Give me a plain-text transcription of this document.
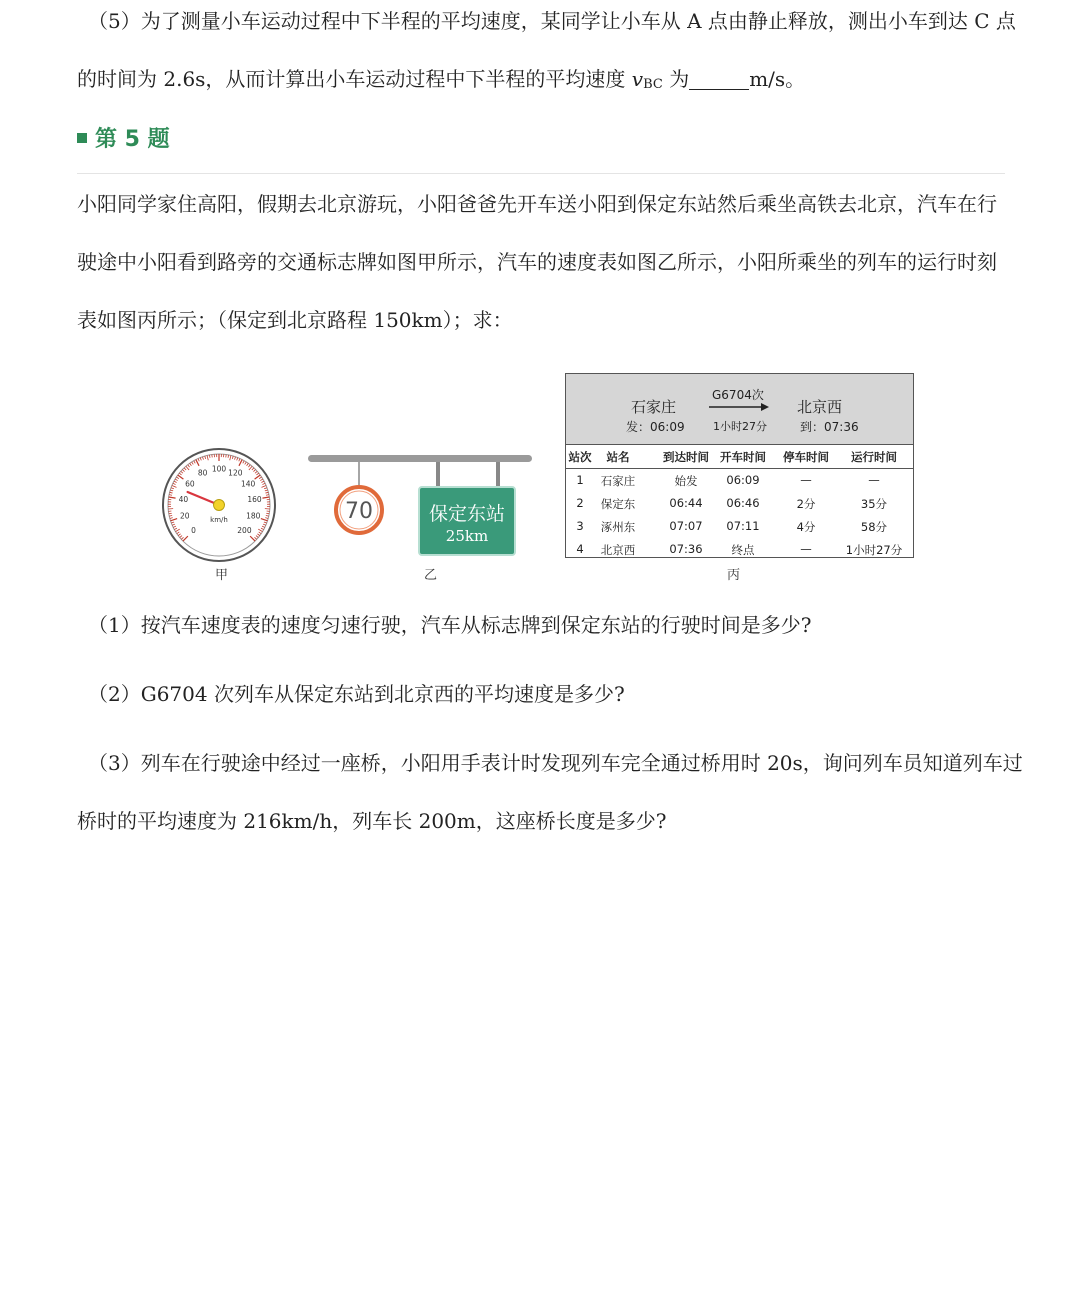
（5）为了测量小车运动过程中下半程的平均速度，某同学让小车从 A 点由静止释放，测出小车到达 C 点
的时间为 2.6s，从而计算出小车运动过程中下半程的平均速度 vBC 为	m/s。
第 5 题
小阳同学家住高阳，假期去北京游玩，小阳爸爸先开车送小阳到保定东站然后乘坐高铁去北京，汽车在行
驶途中小阳看到路旁的交通标志牌如图甲所示，汽车的速度表如图乙所示，小阳所乘坐的列车的运行时刻
表如图丙所示；（保定到北京路程 150km）；求：
0
20
40
60
80 100 120
140
160
180
200
km/h
甲
70	保定东站
25km
乙
石家庄
发：06:09
G6704次
1小时27分
北京西
到：07:36
站次	站名	到达时间 开车时间	停车时间	运行时间
1	石家庄	始发	06:09	—	—
2	保定东	06:44	06:46	2分	35分
3	涿州东	07:07	07:11	4分	58分
4	北京西	07:36	终点	—	1小时27分
丙
（1）按汽车速度表的速度匀速行驶，汽车从标志牌到保定东站的行驶时间是多少?
（2）G6704 次列车从保定东站到北京西的平均速度是多少?
（3）列车在行驶途中经过一座桥，小阳用手表计时发现列车完全通过桥用时 20s，询问列车员知道列车过
桥时的平均速度为 216km/h，列车长 200m，这座桥长度是多少?
